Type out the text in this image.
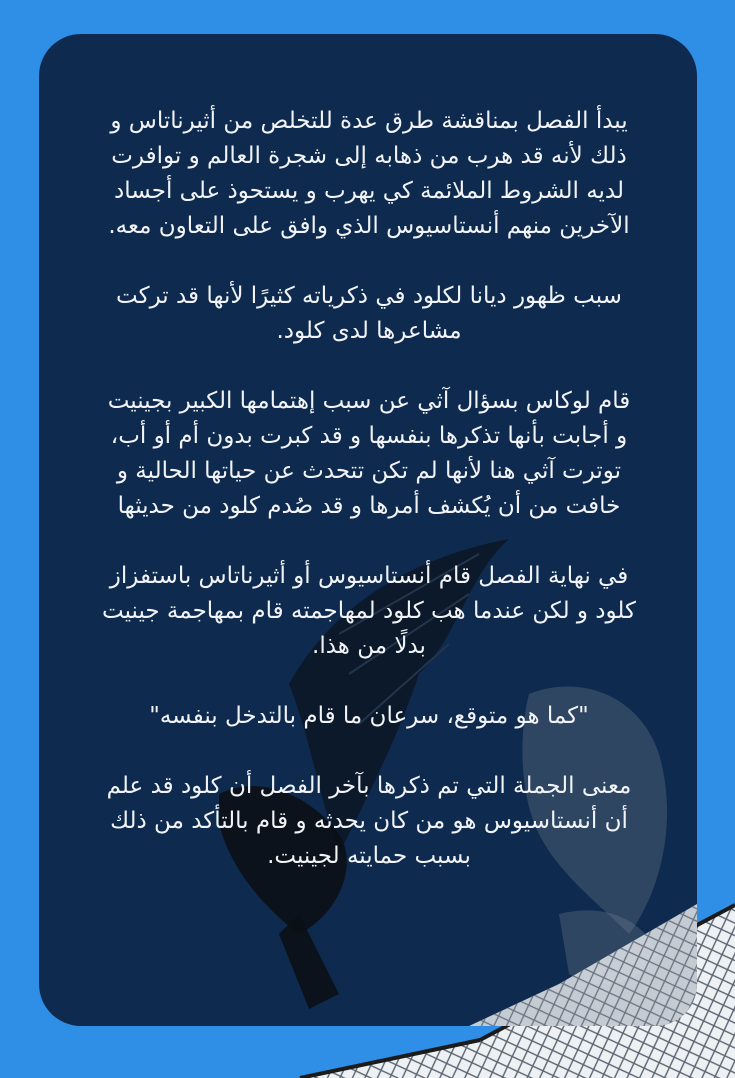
يبدأ الفصل بمناقشة طرق عدة للتخلص من أثيرناتاس و ذلك لأنه قد هرب من ذهابه إلى شجرة العالم و توافرت لديه الشروط الملائمة كي يهرب و يستحوذ على أجساد الآخرين منهم أنستاسيوس الذي وافق على التعاون معه.

سبب ظهور ديانا لكلود في ذكرياته كثيرًا لأنها قد تركت مشاعرها لدى كلود.

قام لوكاس بسؤال آثي عن سبب إهتمامها الكبير بجينيت و أجابت بأنها تذكرها بنفسها و قد كبرت بدون أم أو أب، توترت آثي هنا لأنها لم تكن تتحدث عن حياتها الحالية و خافت من أن يُكشف أمرها و قد صُدم كلود من حديثها

في نهاية الفصل قام أنستاسيوس أو أثيرناتاس باستفزاز كلود و لكن عندما هب كلود لمهاجمته قام بمهاجمة جينيت بدلًا من هذا.

"كما هو متوقع، سرعان ما قام بالتدخل بنفسه"

معنى الجملة التي تم ذكرها بآخر الفصل أن كلود قد علم أن أنستاسيوس هو من كان يحدثه و قام بالتأكد من ذلك بسبب حمايته لجينيت.
